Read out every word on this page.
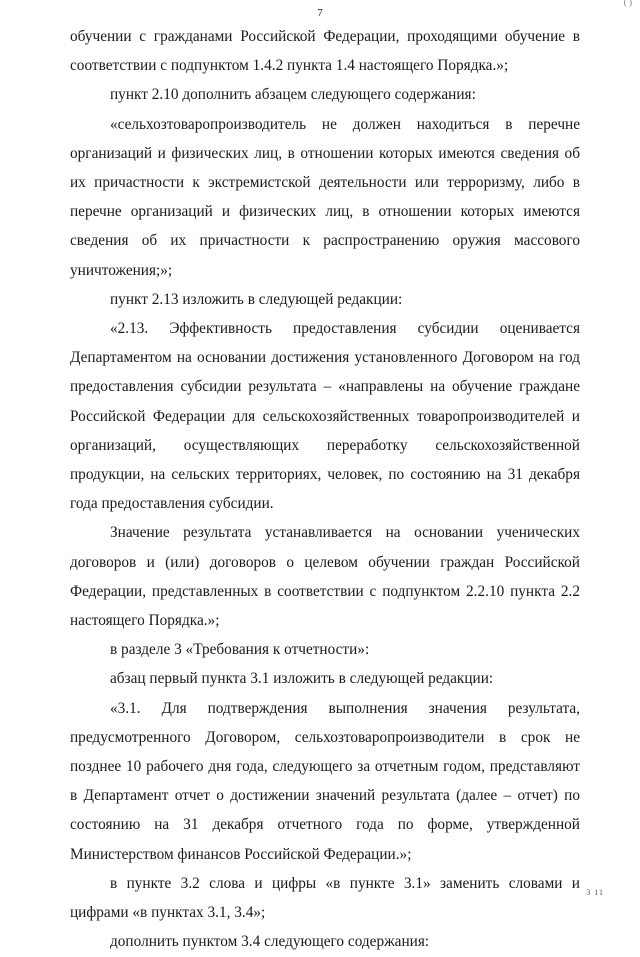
( )
7

обучении с гражданами Российской Федерации, проходящими обучение в соответствии с подпунктом 1.4.2 пункта 1.4 настоящего Порядка.»;

пункт 2.10 дополнить абзацем следующего содержания:

«сельхозтоваропроизводитель не должен находиться в перечне организаций и физических лиц, в отношении которых имеются сведения об их причастности к экстремистской деятельности или терроризму, либо в перечне организаций и физических лиц, в отношении которых имеются сведения об их причастности к распространению оружия массового уничтожения;»;

пункт 2.13 изложить в следующей редакции:

«2.13. Эффективность предоставления субсидии оценивается Департаментом на основании достижения установленного Договором на год предоставления субсидии результата – «направлены на обучение граждане Российской Федерации для сельскохозяйственных товаропроизводителей и организаций, осуществляющих переработку сельскохозяйственной продукции, на сельских территориях, человек, по состоянию на 31 декабря года предоставления субсидии.

Значение результата устанавливается на основании ученических договоров и (или) договоров о целевом обучении граждан Российской Федерации, представленных в соответствии с подпунктом 2.2.10 пункта 2.2 настоящего Порядка.»;

в разделе 3 «Требования к отчетности»:

абзац первый пункта 3.1 изложить в следующей редакции:

«3.1. Для подтверждения выполнения значения результата, предусмотренного Договором, сельхозтоваропроизводители в срок не позднее 10 рабочего дня года, следующего за отчетным годом, представляют в Департамент отчет о достижении значений результата (далее – отчет) по состоянию на 31 декабря отчетного года по форме, утвержденной Министерством финансов Российской Федерации.»;

в пункте 3.2 слова и цифры «в пункте 3.1» заменить словами и цифрами «в пунктах 3.1, 3.4»;

дополнить пунктом 3.4 следующего содержания:

3 11
